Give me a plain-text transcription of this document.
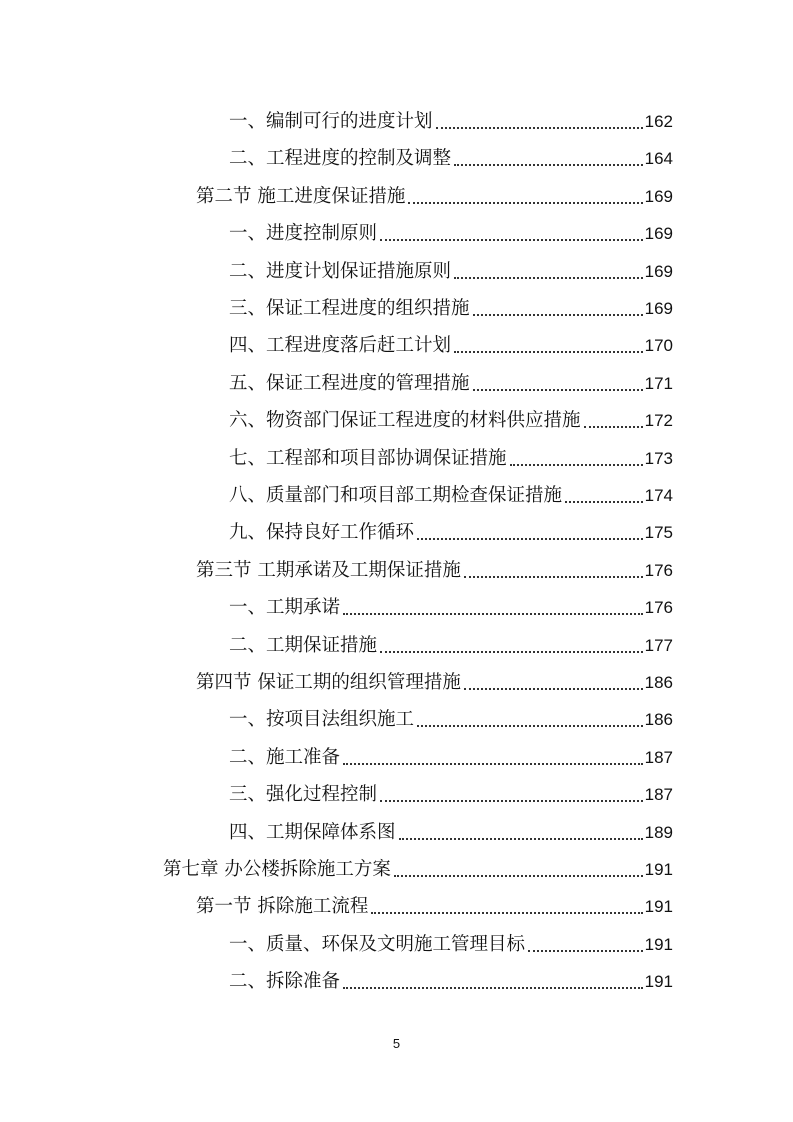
一、编制可行的进度计划	162
二、工程进度的控制及调整	164
第二节 施工进度保证措施	169
一、进度控制原则	169
二、进度计划保证措施原则	169
三、保证工程进度的组织措施	169
四、工程进度落后赶工计划	170
五、保证工程进度的管理措施	171
六、物资部门保证工程进度的材料供应措施	172
七、工程部和项目部协调保证措施	173
八、质量部门和项目部工期检查保证措施	174
九、保持良好工作循环	175
第三节 工期承诺及工期保证措施	176
一、工期承诺	176
二、工期保证措施	177
第四节 保证工期的组织管理措施	186
一、按项目法组织施工	186
二、施工准备	187
三、强化过程控制	187
四、工期保障体系图	189
第七章 办公楼拆除施工方案	191
第一节 拆除施工流程	191
一、质量、环保及文明施工管理目标	191
二、拆除准备	191
5
